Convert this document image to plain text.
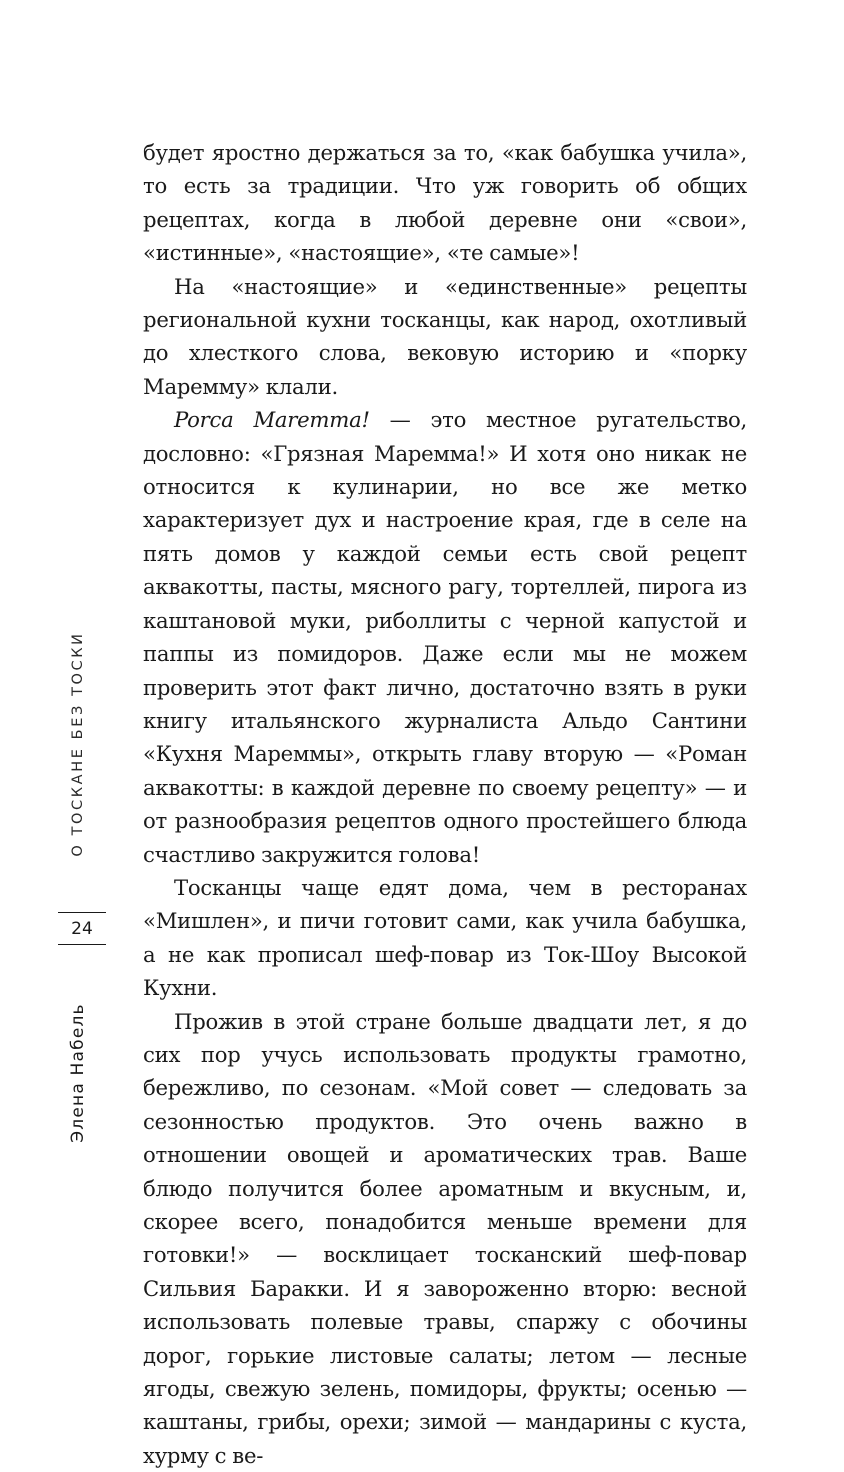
будет яростно держаться за то, «как бабушка учила», то есть за традиции. Что уж говорить об общих рецептах, когда в любой деревне они «свои», «истинные», «настоящие», «те самые»!

На «настоящие» и «единственные» рецепты региональной кухни тосканцы, как народ, охотливый до хлесткого слова, вековую историю и «порку Маремму» клали.

Porca Maremma! — это местное ругательство, дословно: «Грязная Маремма!» И хотя оно никак не относится к кулинарии, но все же метко характеризует дух и настроение края, где в селе на пять домов у каждой семьи есть свой рецепт аквакотты, пасты, мясного рагу, тортеллей, пирога из каштановой муки, риболлиты с черной капустой и паппы из помидоров. Даже если мы не можем проверить этот факт лично, достаточно взять в руки книгу итальянского журналиста Альдо Сантини «Кухня Мареммы», открыть главу вторую — «Роман аквакотты: в каждой деревне по своему рецепту» — и от разнообразия рецептов одного простейшего блюда счастливо закружится голова!

Тосканцы чаще едят дома, чем в ресторанах «Мишлен», и пичи готовит сами, как учила бабушка, а не как прописал шеф-повар из Ток-Шоу Высокой Кухни.

Прожив в этой стране больше двадцати лет, я до сих пор учусь использовать продукты грамотно, бережливо, по сезонам. «Мой совет — следовать за сезонностью продуктов. Это очень важно в отношении овощей и ароматических трав. Ваше блюдо получится более ароматным и вкусным, и, скорее всего, понадобится меньше времени для готовки!» — восклицает тосканский шеф-повар Сильвия Баракки. И я завороженно вторю: весной использовать полевые травы, спаржу с обочины дорог, горькие листовые салаты; летом — лесные ягоды, свежую зелень, помидоры, фрукты; осенью — каштаны, грибы, орехи; зимой — мандарины с куста, хурму с ве-

О ТОСКАНЕ БЕЗ ТОСКИ
24
Элена Набель
